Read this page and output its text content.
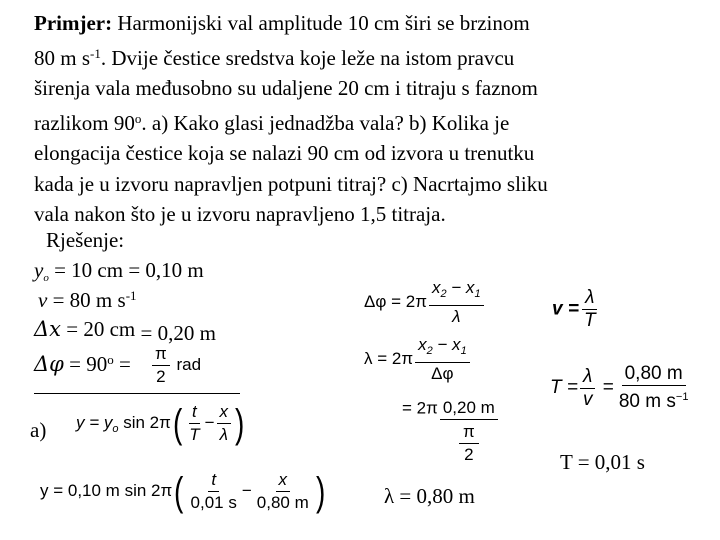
Primjer: Harmonijski val amplitude 10 cm širi se brzinom

80 m $s^{-1}$. Dvije čestice sredstva koje leže na istom pravcu

širenja vala međusobno su udaljene 20 cm i titraju s faznom

razlikom 90$^o$. a) Kako glasi jednadžba vala? b) Kolika je

elongacija čestice koja se nalazi 90 cm od izvora u trenutku

kada je u izvoru napravljen potpuni titraj? c) Nacrtajmo sliku

vala nakon što je u izvoru napravljeno 1,5 titraja.

Rješenje:
$y_o = 10$ cm = 0,10 m
v = 80 m $s^{-1}$
Δx = 20 cm = 0,20 m
$\Delta\varphi = 90^o = \frac{\pi}{2}$ rad
a) $y = y_o$ $\sin 2\pi( \frac{t}{T} - \frac{x}{\lambda}$ )
y = 0,10 m $\sin 2\pi( \frac{t}{0,01 s} - \frac{x}{0,80 m}$ )
$\Delta\varphi = 2\pi \frac{x_2 - x_1}{\lambda}$
$\lambda = 2\pi \frac{x_2 - x_1}{\Delta\varphi}$
= 2π 0,20 m
π
2
λ = 0,80 m
$v = \frac{\lambda}{T}$
$T = \frac{\lambda}{v} = \frac{0,80 m}{80 m s^{-1}}$
T = 0,01 s
